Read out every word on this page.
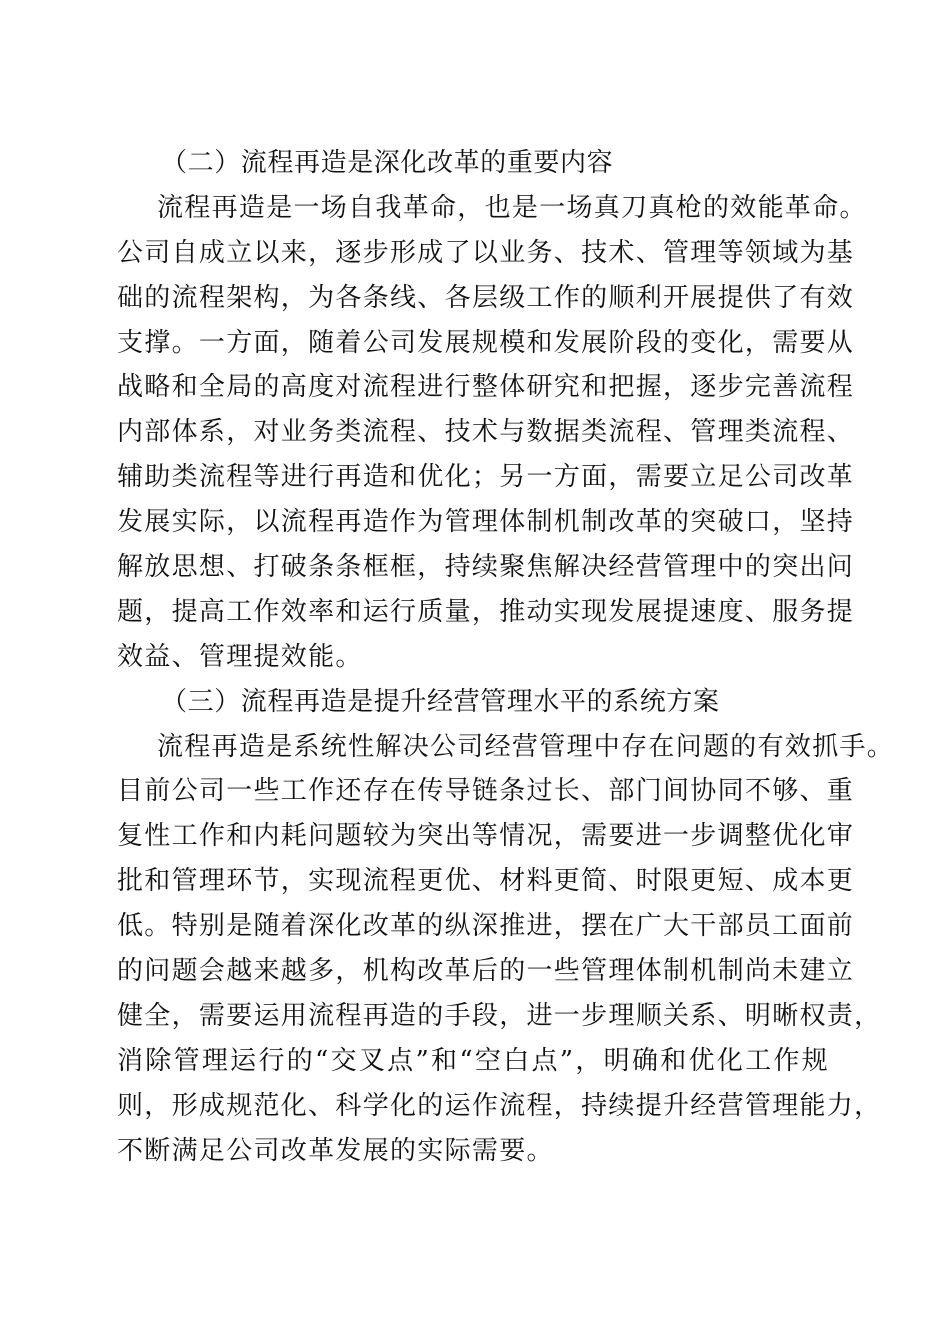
（二）流程再造是深化改革的重要内容
流程再造是一场自我革命，也是一场真刀真枪的效能革命。
公司自成立以来，逐步形成了以业务、技术、管理等领域为基
础的流程架构，为各条线、各层级工作的顺利开展提供了有效
支撑。一方面，随着公司发展规模和发展阶段的变化，需要从
战略和全局的高度对流程进行整体研究和把握，逐步完善流程
内部体系，对业务类流程、技术与数据类流程、管理类流程、
辅助类流程等进行再造和优化；另一方面，需要立足公司改革
发展实际，以流程再造作为管理体制机制改革的突破口，坚持
解放思想、打破条条框框，持续聚焦解决经营管理中的突出问
题，提高工作效率和运行质量，推动实现发展提速度、服务提
效益、管理提效能。
（三）流程再造是提升经营管理水平的系统方案
流程再造是系统性解决公司经营管理中存在问题的有效抓手。
目前公司一些工作还存在传导链条过长、部门间协同不够、重
复性工作和内耗问题较为突出等情况，需要进一步调整优化审
批和管理环节，实现流程更优、材料更简、时限更短、成本更
低。特别是随着深化改革的纵深推进，摆在广大干部员工面前
的问题会越来越多，机构改革后的一些管理体制机制尚未建立
健全，需要运用流程再造的手段，进一步理顺关系、明晰权责，
消除管理运行的“交叉点”和“空白点”，明确和优化工作规
则，形成规范化、科学化的运作流程，持续提升经营管理能力，
不断满足公司改革发展的实际需要。
